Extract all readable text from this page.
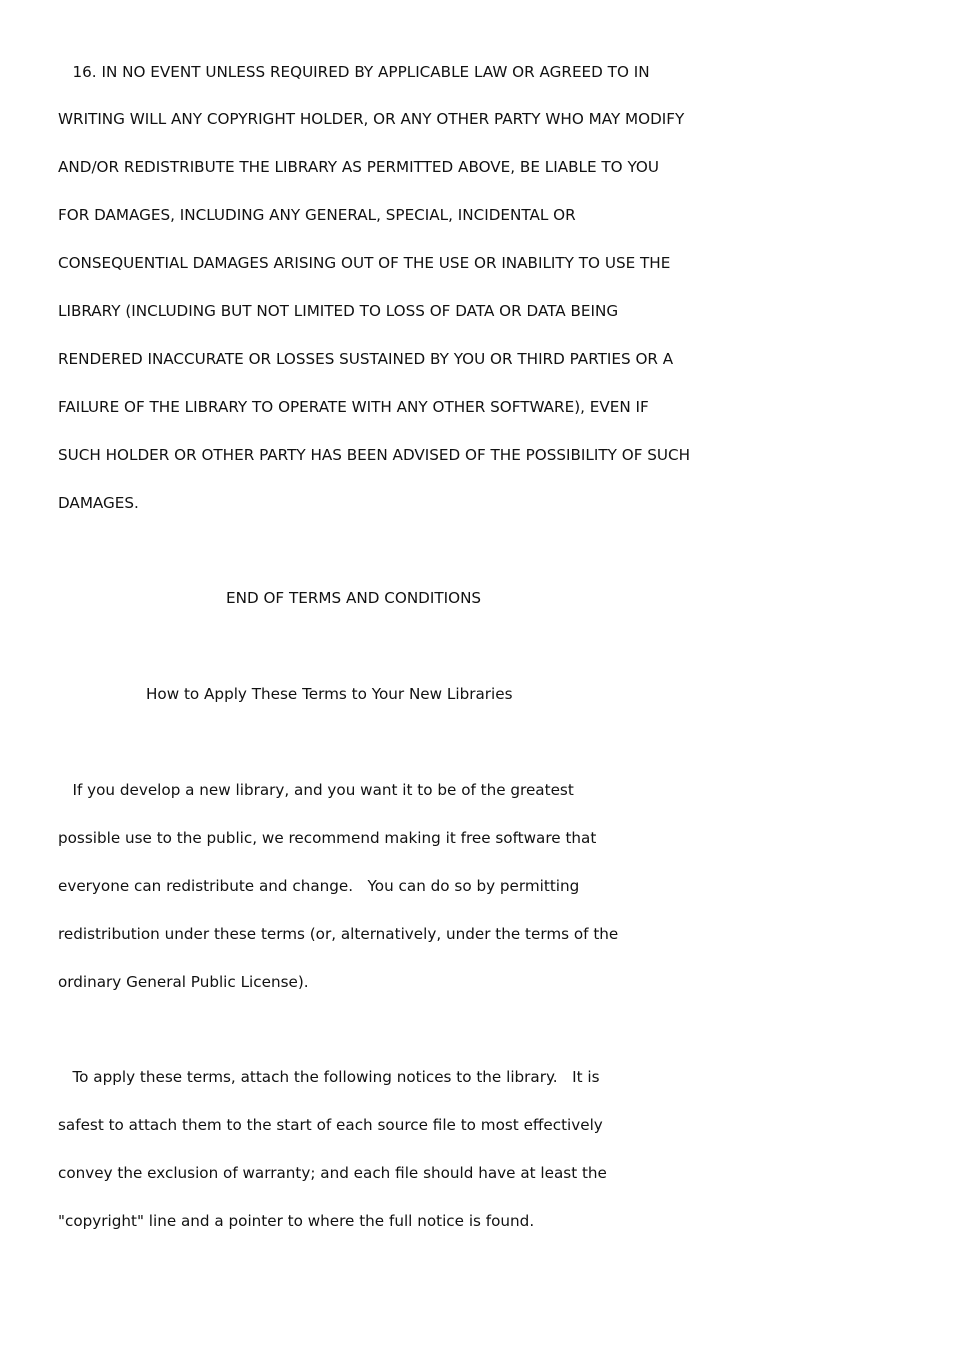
16. IN NO EVENT UNLESS REQUIRED BY APPLICABLE LAW OR AGREED TO IN
WRITING WILL ANY COPYRIGHT HOLDER, OR ANY OTHER PARTY WHO MAY MODIFY
AND/OR REDISTRIBUTE THE LIBRARY AS PERMITTED ABOVE, BE LIABLE TO YOU
FOR DAMAGES, INCLUDING ANY GENERAL, SPECIAL, INCIDENTAL OR
CONSEQUENTIAL DAMAGES ARISING OUT OF THE USE OR INABILITY TO USE THE
LIBRARY (INCLUDING BUT NOT LIMITED TO LOSS OF DATA OR DATA BEING
RENDERED INACCURATE OR LOSSES SUSTAINED BY YOU OR THIRD PARTIES OR A
FAILURE OF THE LIBRARY TO OPERATE WITH ANY OTHER SOFTWARE), EVEN IF
SUCH HOLDER OR OTHER PARTY HAS BEEN ADVISED OF THE POSSIBILITY OF SUCH
DAMAGES.
END OF TERMS AND CONDITIONS
How to Apply These Terms to Your New Libraries
If you develop a new library, and you want it to be of the greatest
possible use to the public, we recommend making it free software that
everyone can redistribute and change.   You can do so by permitting
redistribution under these terms (or, alternatively, under the terms of the
ordinary General Public License).
To apply these terms, attach the following notices to the library.   It is
safest to attach them to the start of each source file to most effectively
convey the exclusion of warranty; and each file should have at least the
"copyright" line and a pointer to where the full notice is found.
